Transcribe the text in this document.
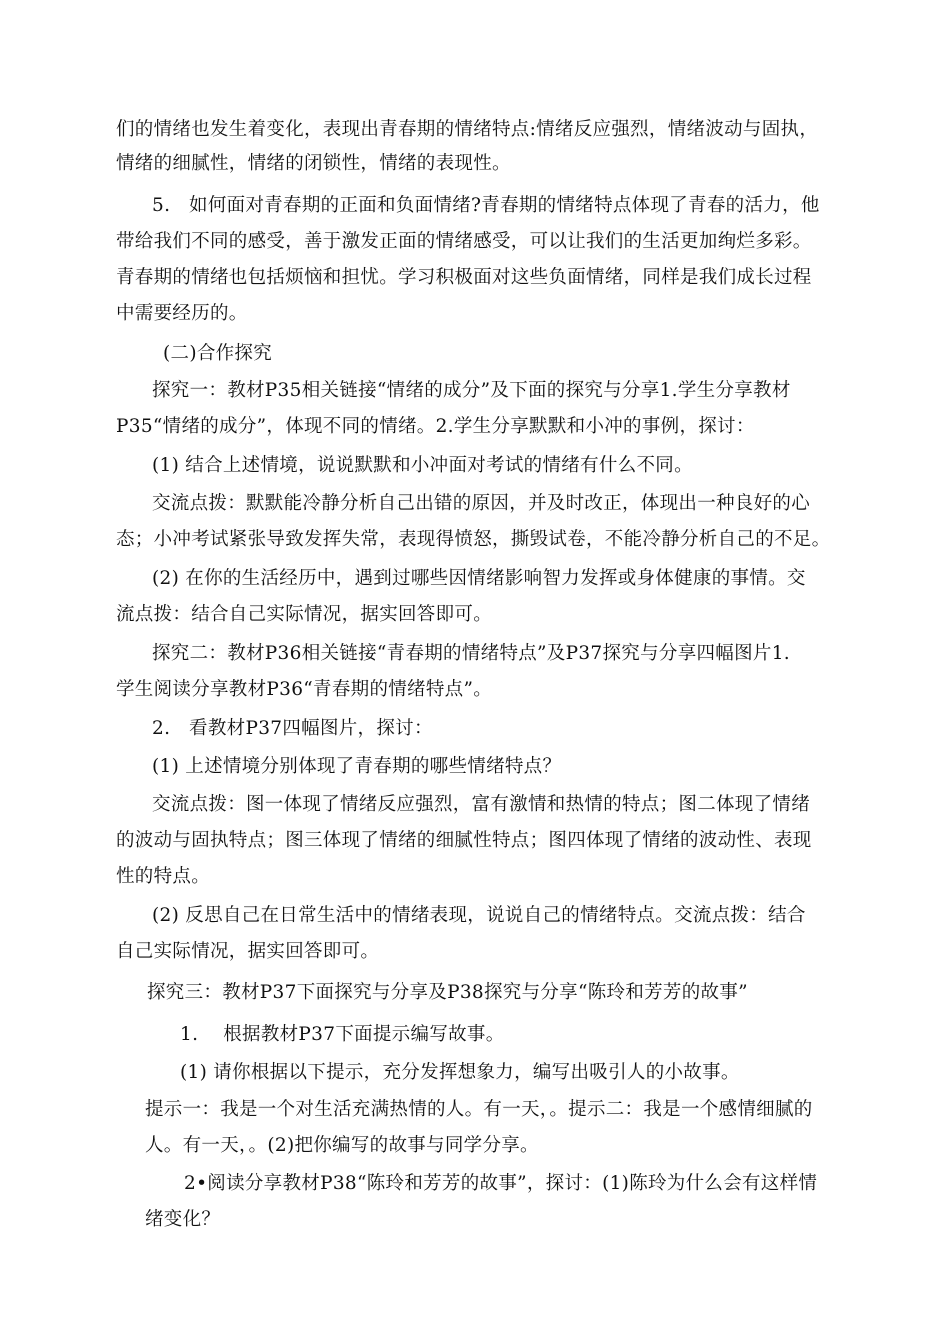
们的情绪也发生着变化，表现出青春期的情绪特点:情绪反应强烈，情绪波动与固执，

情绪的细腻性，情绪的闭锁性，情绪的表现性。

5.　如何面对青春期的正面和负面情绪?青春期的情绪特点体现了青春的活力，他

带给我们不同的感受，善于激发正面的情绪感受，可以让我们的生活更加绚烂多彩。

青春期的情绪也包括烦恼和担忧。学习积极面对这些负面情绪，同样是我们成长过程

中需要经历的。

(二)合作探究

探究一：教材P35相关链接“情绪的成分”及下面的探究与分享1.学生分享教材

P35“情绪的成分”，体现不同的情绪。2.学生分享默默和小冲的事例，探讨：

(1) 结合上述情境，说说默默和小冲面对考试的情绪有什么不同。

交流点拨：默默能冷静分析自己出错的原因，并及时改正，体现出一种良好的心

态；小冲考试紧张导致发挥失常，表现得愤怒，撕毁试卷，不能冷静分析自己的不足。

(2) 在你的生活经历中，遇到过哪些因情绪影响智力发挥或身体健康的事情。交

流点拨：结合自己实际情况，据实回答即可。

探究二：教材P36相关链接“青春期的情绪特点”及P37探究与分享四幅图片1.

学生阅读分享教材P36“青春期的情绪特点”。

2.　看教材P37四幅图片，探讨：

(1) 上述情境分别体现了青春期的哪些情绪特点？

交流点拨：图一体现了情绪反应强烈，富有激情和热情的特点；图二体现了情绪

的波动与固执特点；图三体现了情绪的细腻性特点；图四体现了情绪的波动性、表现

性的特点。

(2) 反思自己在日常生活中的情绪表现，说说自己的情绪特点。交流点拨：结合

自己实际情况，据实回答即可。

探究三：教材P37下面探究与分享及P38探究与分享“陈玲和芳芳的故事”

1.　 根据教材P37下面提示编写故事。

(1) 请你根据以下提示，充分发挥想象力，编写出吸引人的小故事。

提示一：我是一个对生活充满热情的人。有一天，。提示二：我是一个感情细腻的

人。有一天，。(2)把你编写的故事与同学分享。

2•阅读分享教材P38“陈玲和芳芳的故事”，探讨：(1)陈玲为什么会有这样情

绪变化？
